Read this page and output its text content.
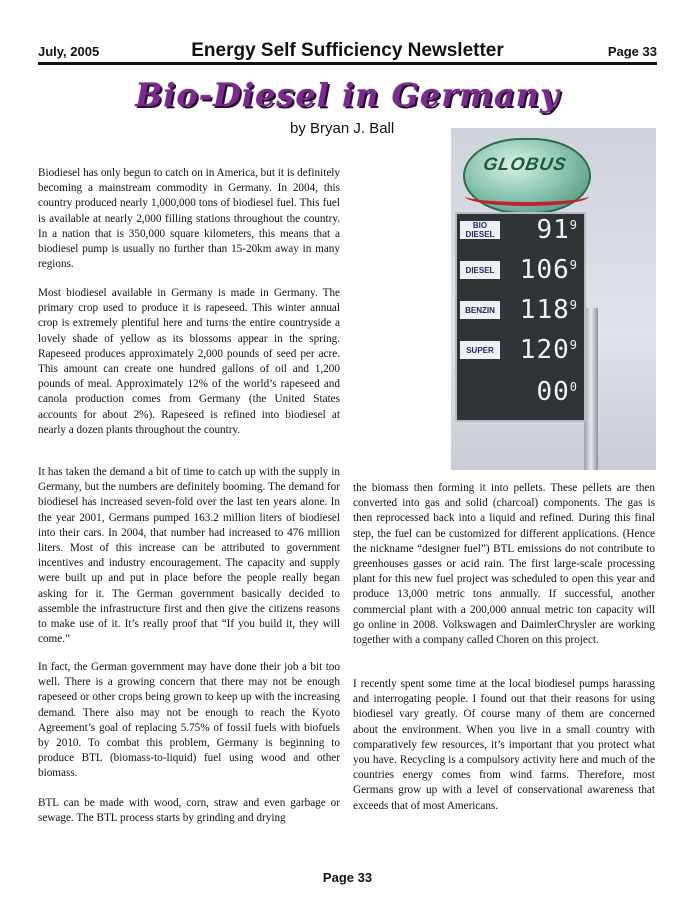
July, 2005	Energy Self Sufficiency Newsletter	Page 33
Bio-Diesel in Germany
by Bryan J. Ball

Biodiesel has only begun to catch on in America, but it is definitely becoming a mainstream commodity in Germany. In 2004, this country produced nearly 1,000,000 tons of biodiesel fuel. This fuel is available at nearly 2,000 filling stations throughout the country. In a nation that is 350,000 square kilometers, this means that a biodiesel pump is usually no further than 15-20km away in many regions.

Most biodiesel available in Germany is made in Germany. The primary crop used to produce it is rapeseed. This winter annual crop is extremely plentiful here and turns the entire countryside a lovely shade of yellow as its blossoms appear in the spring. Rapeseed produces approximately 2,000 pounds of seed per acre. This amount can create one hundred gallons of oil and 1,200 pounds of meal. Approximately 12% of the world’s rapeseed and canola production comes from Germany (the United States accounts for about 2%). Rapeseed is refined into biodiesel at nearly a dozen plants throughout the country.

It has taken the demand a bit of time to catch up with the supply in Germany, but the numbers are definitely booming. The demand for biodiesel has increased seven-fold over the last ten years alone. In the year 2001, Germans pumped 163.2 million liters of biodiesel into their cars. In 2004, that number had increased to 476 million liters. Most of this increase can be attributed to government incentives and industry encouragement. The capacity and supply were built up and put in place before the people really began asking for it. The German government basically decided to assemble the infrastructure first and then give the citizens reasons to make use of it. It’s really proof that “If you build it, they will come.”

In fact, the German government may have done their job a bit too well. There is a growing concern that there may not be enough rapeseed or other crops being grown to keep up with the increasing demand. There also may not be enough to reach the Kyoto Agreement’s goal of replacing 5.75% of fossil fuels with biofuels by 2010. To combat this problem, Germany is beginning to produce BTL (biomass-to-liquid) fuel using wood and other biomass.

BTL can be made with wood, corn, straw and even garbage or sewage. The BTL process starts by grinding and drying

the biomass then forming it into pellets. These pellets are then converted into gas and solid (charcoal) components. The gas is then reprocessed back into a liquid and refined. During this final step, the fuel can be customized for different applications. (Hence the nickname “designer fuel”) BTL emissions do not contribute to greenhouses gasses or acid rain. The first large-scale processing plant for this new fuel project was scheduled to open this year and produce 13,000 metric tons annually. If successful, another commercial plant with a 200,000 annual metric ton capacity will go online in 2008. Volkswagen and DaimlerChrysler are working together with a company called Choren on this project.

I recently spent some time at the local biodiesel pumps harassing and interrogating people. I found out that their reasons for using biodiesel vary greatly. Of course many of them are concerned about the environment. When you live in a small country with comparatively few resources, it’s important that you protect what you have. Recycling is a compulsory activity here and much of the countries energy comes from wind farms. Therefore, most Germans grow up with a level of conservational awareness that exceeds that of most Americans.

GLOBUS
BIO DIESEL	$91^9$
DIESEL $106^9$
BENZIN $118^9$
SUPER	$120^9$
$00^0$
Page 33
